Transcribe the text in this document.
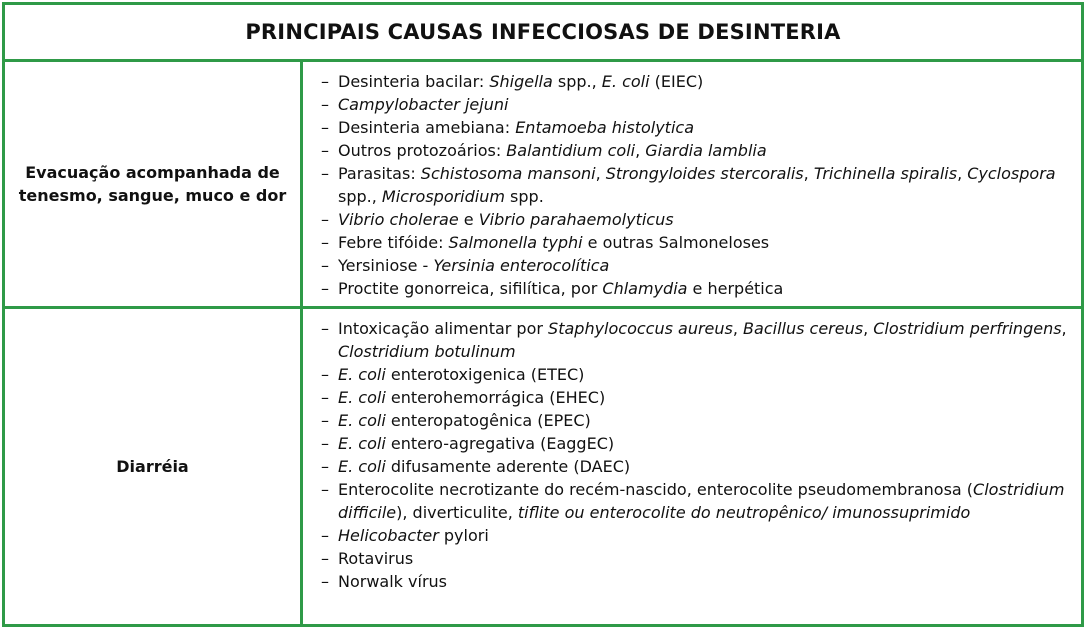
PRINCIPAIS CAUSAS INFECCIOSAS DE DESINTERIA
Evacuação acompanhada de tenesmo, sangue, muco e dor
– Desinteria bacilar: Shigella spp., E. coli (EIEC)
– Campylobacter jejuni
– Desinteria amebiana: Entamoeba histolytica
– Outros protozoários: Balantidium coli, Giardia lamblia
– Parasitas: Schistosoma mansoni, Strongyloides stercoralis, Trichinella spiralis, Cyclospora spp., Microsporidium spp.
– Vibrio cholerae e Vibrio parahaemolyticus
– Febre tifóide: Salmonella typhi e outras Salmoneloses
– Yersiniose - Yersinia enterocolítica
– Proctite gonorreica, sifilítica, por Chlamydia e herpética
Diarréia
– Intoxicação alimentar por Staphylococcus aureus, Bacillus cereus, Clostridium perfringens, Clostridium botulinum
– E. coli enterotoxigenica (ETEC)
– E. coli enterohemorrágica (EHEC)
– E. coli enteropatogênica (EPEC)
– E. coli entero-agregativa (EaggEC)
– E. coli difusamente aderente (DAEC)
– Enterocolite necrotizante do recém-nascido, enterocolite pseudomembranosa (Clostridium difficile), diverticulite, tiflite ou enterocolite do neutropênico/ imunossuprimido
– Helicobacter pylori
– Rotavirus
– Norwalk vírus
